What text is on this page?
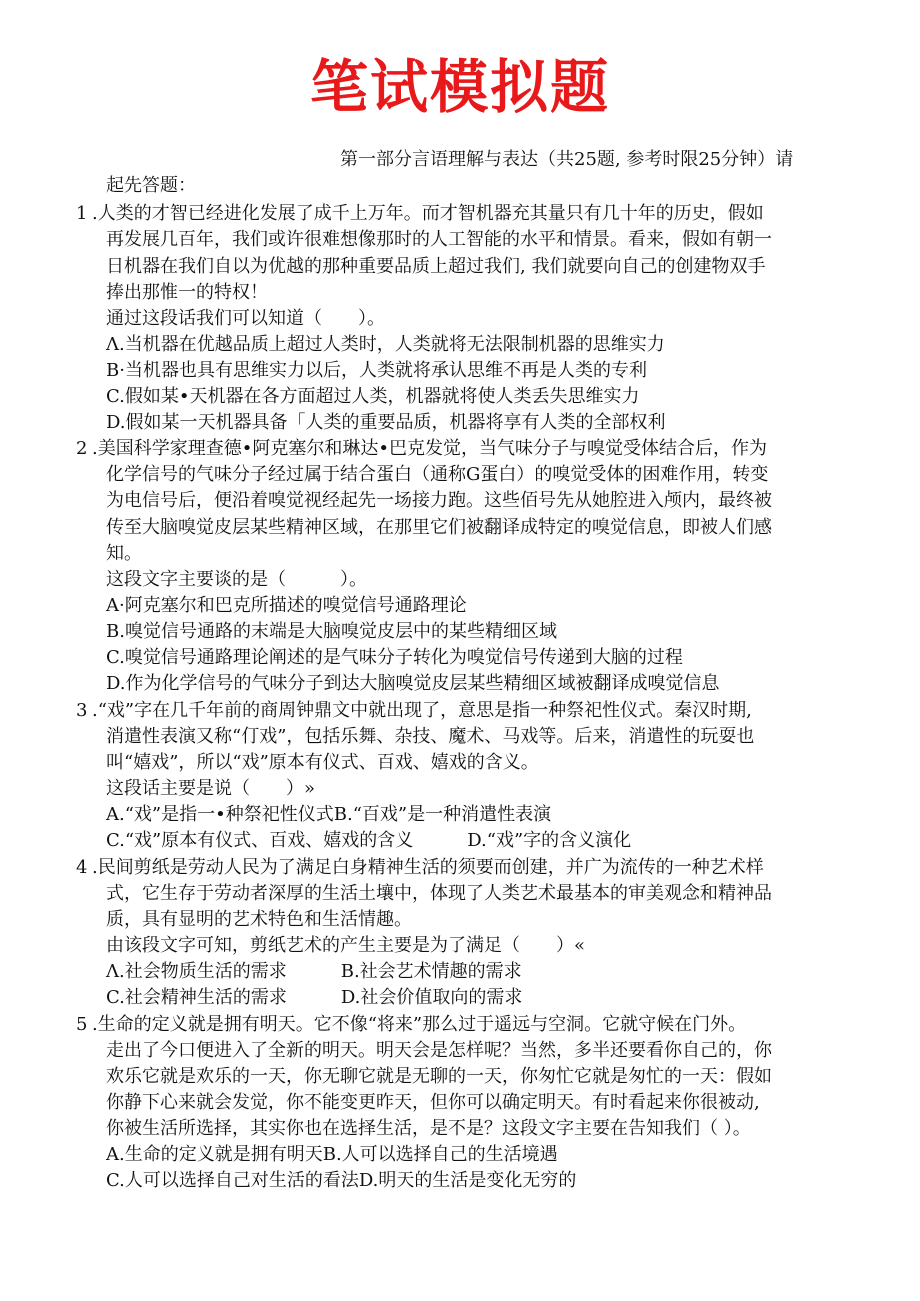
笔试模拟题
第一部分言语理解与表达（共25题, 参考时限25分钟）请
起先答题：
1 .人类的才智已经进化发展了成千上万年。而才智机器充其量只有几十年的历史，假如
再发展几百年，我们或许很难想像那时的人工智能的水平和情景。看来，假如有朝一
日机器在我们自以为优越的那种重要品质上超过我们, 我们就要向自己的创建物双手
捧出那惟一的特权！
通过这段话我们可以知道（　　）。
Λ.当机器在优越品质上超过人类时，人类就将无法限制机器的思维实力
B·当机器也具有思维实力以后，人类就将承认思维不再是人类的专利
C.假如某•天机器在各方面超过人类，机器就将使人类丢失思维实力
D.假如某一天机器具备「人类的重要品质，机器将享有人类的全部权利
2 .美国科学家理查德•阿克塞尔和琳达•巴克发觉，当气味分子与嗅觉受体结合后，作为
化学信号的气味分子经过属于结合蛋白（通称G蛋白）的嗅觉受体的困难作用，转变
为电信号后，便沿着嗅觉视经起先一场接力跑。这些佰号先从她腔进入颅内，最终被
传至大脑嗅觉皮层某些精神区域，在那里它们被翻译成特定的嗅觉信息，即被人们感
知。
这段文字主要谈的是（　　　）。
A·阿克塞尔和巴克所描述的嗅觉信号通路理论
B.嗅觉信号通路的末端是大脑嗅觉皮层中的某些精细区域
C.嗅觉信号通路理论阐述的是气味分子转化为嗅觉信号传递到大脑的过程
D.作为化学信号的气味分子到达大脑嗅觉皮层某些精细区域被翻译成嗅觉信息
3 .“戏”字在几千年前的商周钟鼎文中就出现了，意思是指一种祭祀性仪式。秦汉时期,
消遣性表演又称“仃戏”，包括乐舞、杂技、魔术、马戏等。后来，消遣性的玩耍也
叫“嬉戏”，所以“戏”原本有仪式、百戏、嬉戏的含义。
这段话主要是说（　　）»
A.“戏”是指一•种祭祀性仪式B.“百戏”是一种消遣性表演
C.“戏”原本有仪式、百戏、嬉戏的含义　　　D.“戏”字的含义演化
4 .民间剪纸是劳动人民为了满足白身精神生活的须要而创建，并广为流传的一种艺术样
式，它生存于劳动者深厚的生活土壤中，体现了人类艺术最基本的审美观念和精神品
质，具有显明的艺术特色和生活情趣。
由该段文字可知，剪纸艺术的产生主要是为了满足（　　）«
Λ.社会物质生活的需求　　　B.社会艺术情趣的需求
C.社会精神生活的需求　　　D.社会价值取向的需求
5 .生命的定义就是拥有明天。它不像“将来”那么过于遥远与空洞。它就守候在门外。
走出了今口便进入了全新的明天。明天会是怎样呢？当然，多半还要看你自己的，你
欢乐它就是欢乐的一天，你无聊它就是无聊的一天，你匆忙它就是匆忙的一天：假如
你静下心来就会发觉，你不能变更昨天，但你可以确定明天。有时看起来你很被动,
你被生活所选择，其实你也在选择生活，是不是？这段文字主要在告知我们（ ）。
A.生命的定义就是拥有明天B.人可以选择自己的生活境遇
C.人可以选择自己对生活的看法D.明天的生活是变化无穷的
